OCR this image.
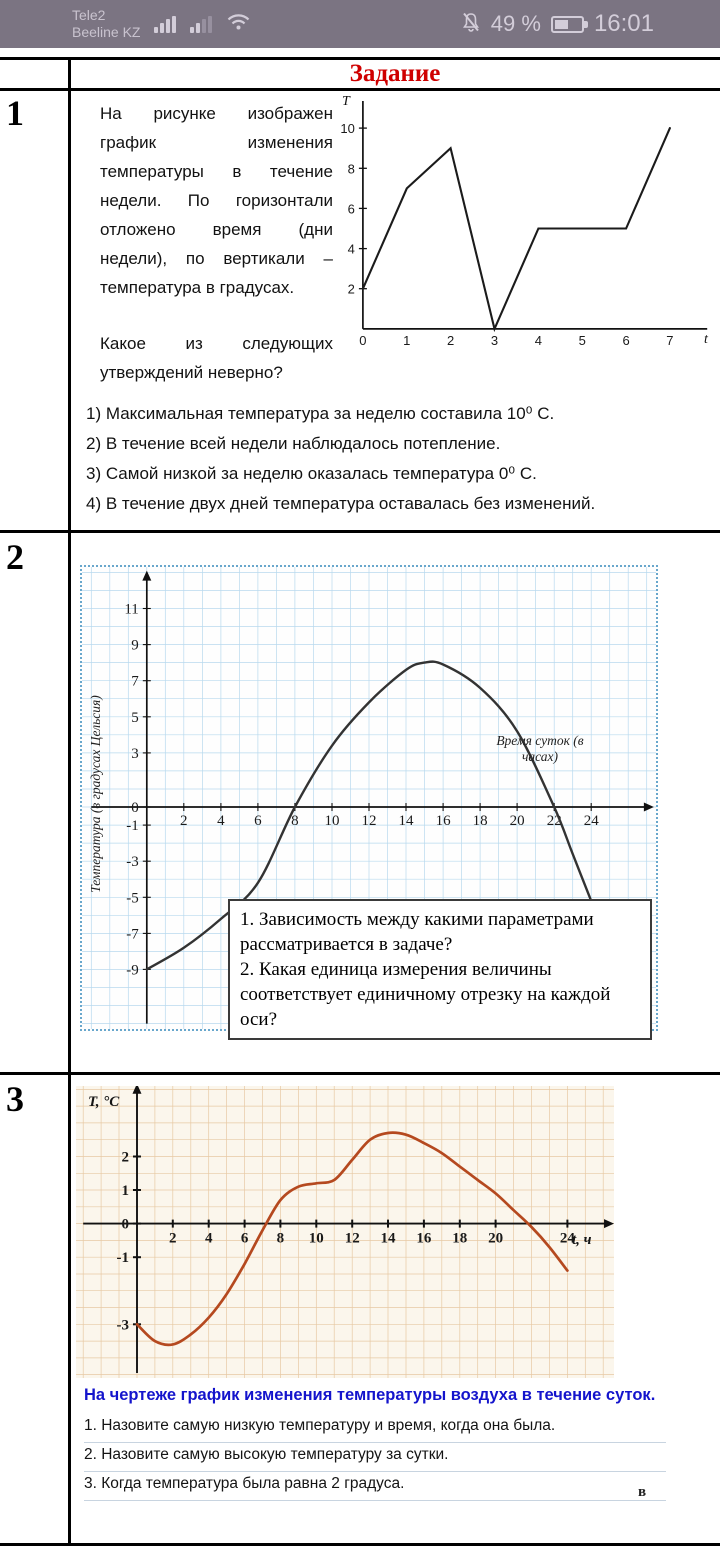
Tele2
Beeline KZ	49 % 16:01
Задание
1
2
3

На рисунке изображен график изменения температуры в течение недели. По горизонтали отложено время (дни недели), по вертикали – температура в градусах.

Какое из следующих утверждений неверно?

0	1	2	3	4	5	6	7
2
4
6
8
10
T
t
1) Максимальная температура за неделю составила 10⁰ С.
2) В течение всей недели наблюдалось потепление.
3) Самой низкой за неделю оказалась температура 0⁰ С.
4) В течение двух дней температура оставалась без изменений.
2 4 6 8 10 12 14 16 18 20 22 24
11
9
7
5
3
0
-1
-3
-5
-7
-9
Температура (в градусах Цельсия)	Время суток (в часах)

1. Зависимость между какими параметрами рассматривается в задаче?

2. Какая единица измерения величины соответствует единичному отрезку на каждой оси?

2 4 6 8 10 12 14 16 18 20	24
2
1
0
-1
-3
T, °C
t, ч
На чертеже график изменения температуры воздуха в течение суток.
1. Назовите самую низкую температуру и время, когда она была.
2. Назовите самую высокую температуру за сутки.
3. Когда температура была равна 2 градуса.	в
